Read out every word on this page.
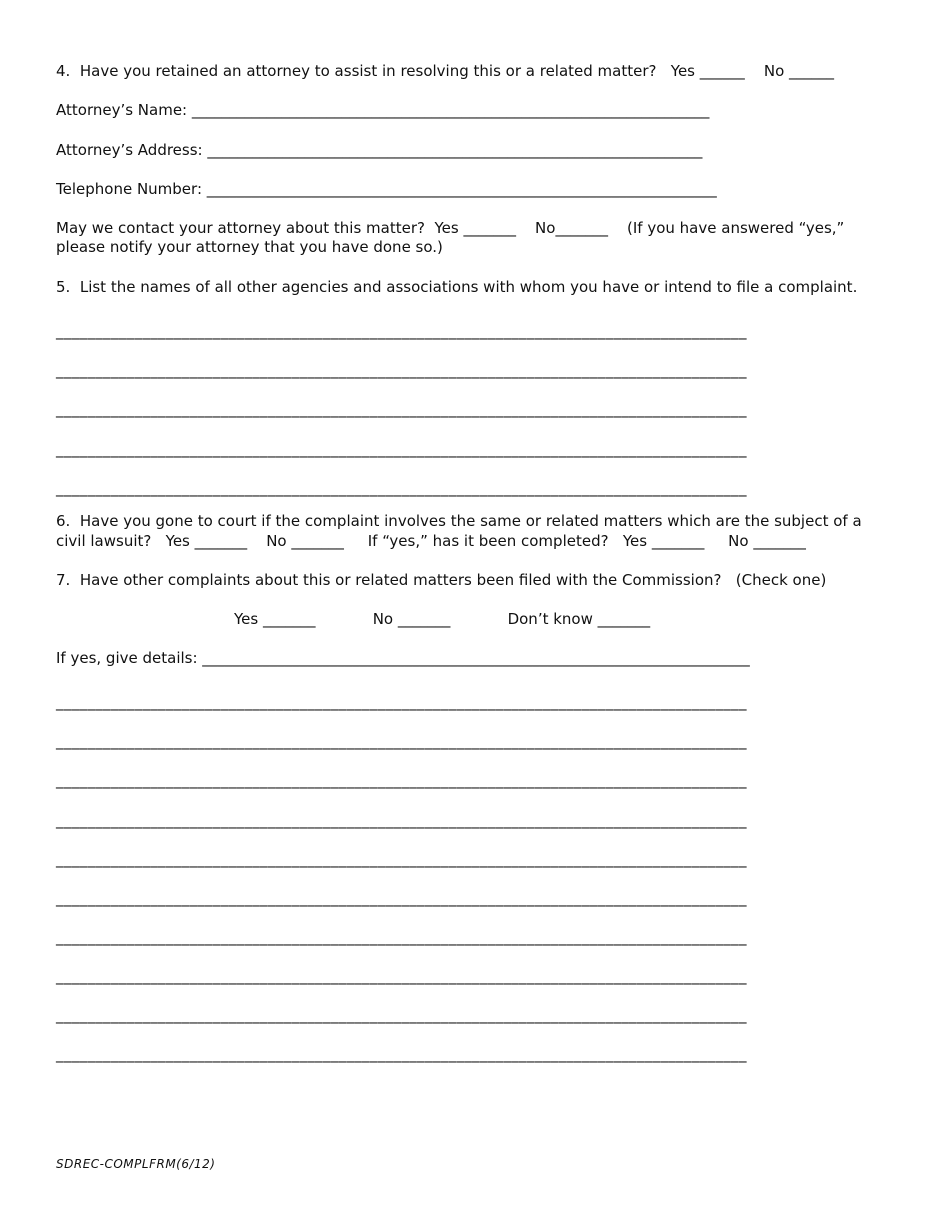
4.  Have you retained an attorney to assist in resolving this or a related matter?   Yes ______    No ______
Attorney’s Name: _____________________________________________________________________
Attorney’s Address: __________________________________________________________________
Telephone Number: ____________________________________________________________________
May we contact your attorney about this matter?  Yes _______    No_______    (If you have answered “yes,”
please notify your attorney that you have done so.)
5.  List the names of all other agencies and associations with whom you have or intend to file a complaint.
________________________________________________________________________________________
________________________________________________________________________________________
________________________________________________________________________________________
________________________________________________________________________________________
________________________________________________________________________________________
6.  Have you gone to court if the complaint involves the same or related matters which are the subject of a
civil lawsuit?   Yes _______    No _______     If “yes,” has it been completed?   Yes _______     No _______
7.  Have other complaints about this or related matters been filed with the Commission?   (Check one)
Yes _______            No _______            Don’t know _______
If yes, give details: _________________________________________________________________________
________________________________________________________________________________________
________________________________________________________________________________________
________________________________________________________________________________________
________________________________________________________________________________________
________________________________________________________________________________________
________________________________________________________________________________________
________________________________________________________________________________________
________________________________________________________________________________________
________________________________________________________________________________________
________________________________________________________________________________________
SDREC-COMPLFRM(6/12)
